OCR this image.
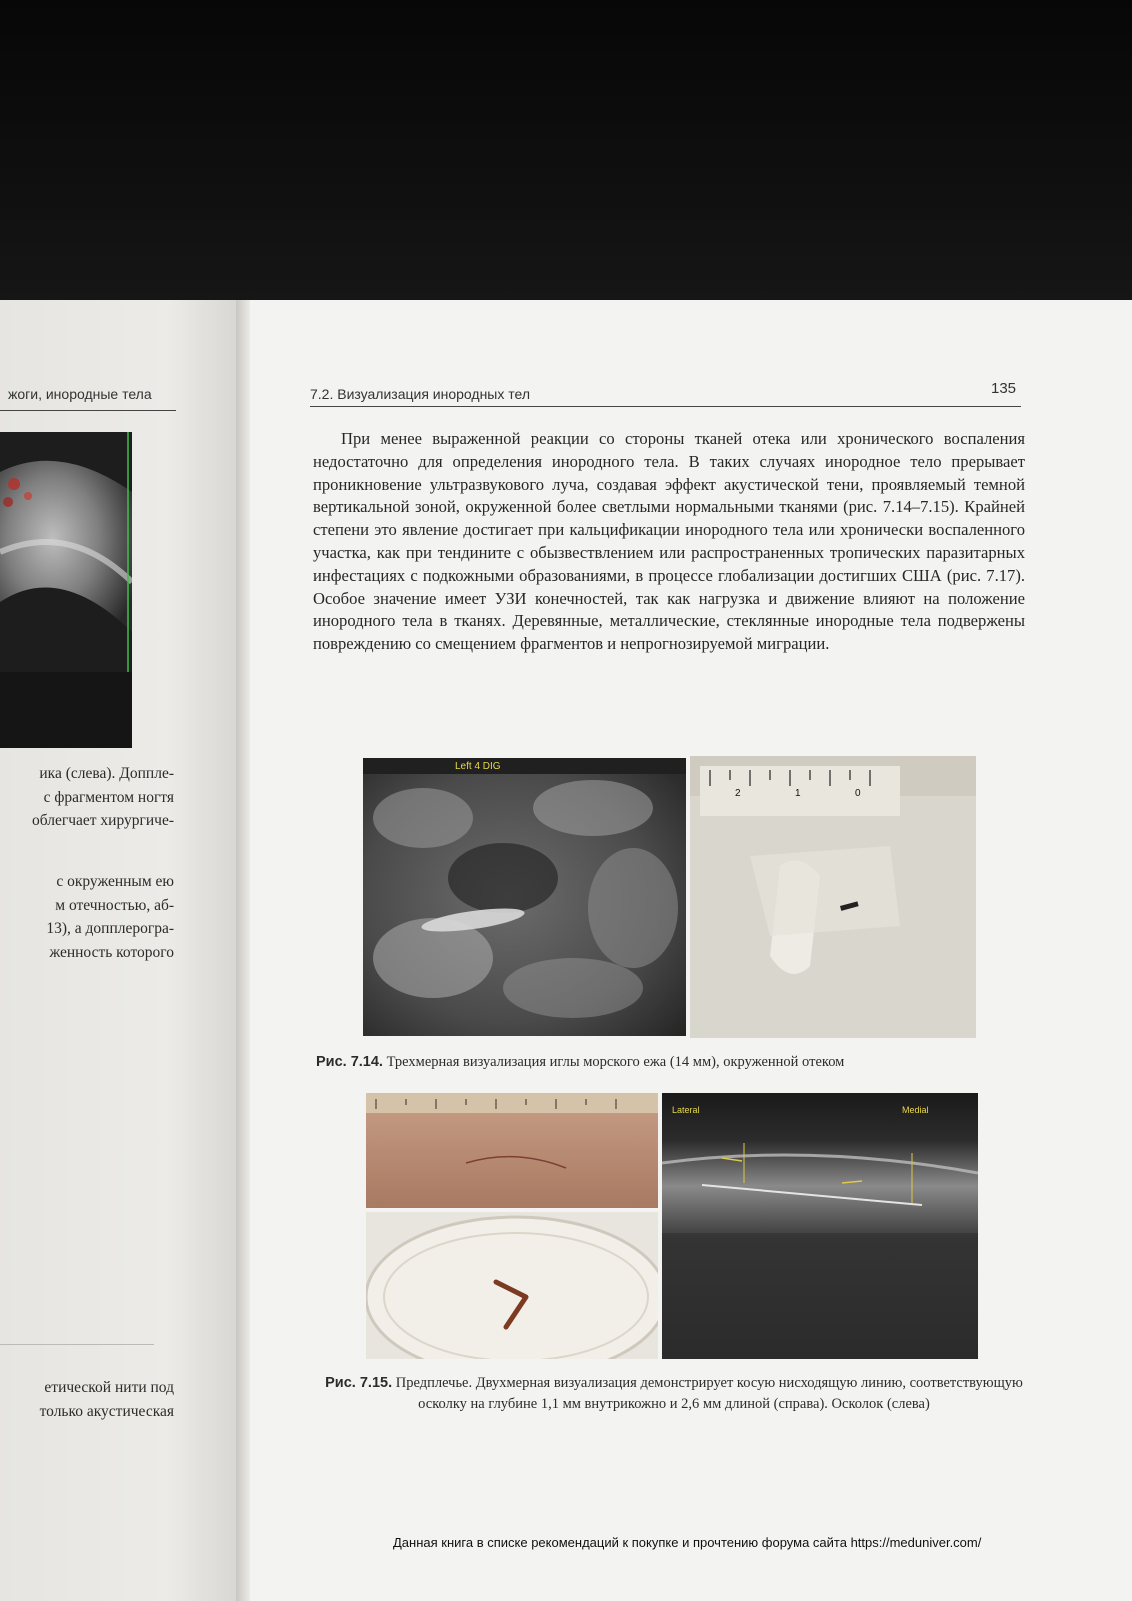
жоги, инородные тела
ика (слева). Доппле-
с фрагментом ногтя
облегчает хирургиче-
с окруженным ею
м отечностью, аб-
13), а допплерогра-
женность которого
етической нити под
только акустическая
7.2. Визуализация инородных тел	135

При менее выраженной реакции со стороны тканей отека или хронического воспаления недостаточно для определения инородного тела. В таких случаях инородное тело прерывает проникновение ультразвукового луча, создавая эффект акустической тени, проявляемый темной вертикальной зоной, окруженной более светлыми нормальными тканями (рис. 7.14–7.15). Крайней степени это явление достигает при кальцификации инородного тела или хронически воспаленного участка, как при тендините с обызвествлением или распространенных тропических паразитарных инфестациях с подкожными образованиями, в процессе глобализации достигших США (рис. 7.17). Особое значение имеет УЗИ конечностей, так как нагрузка и движение влияют на положение инородного тела в тканях. Деревянные, металлические, стеклянные инородные тела подвержены повреждению со смещением фрагментов и непрогнозируемой миграции.

Left 4 DIG
2	1	0
Рис. 7.14. Трехмерная визуализация иглы морского ежа (14 мм), окруженной отеком
Lateral	Medial
Рис. 7.15. Предплечье. Двухмерная визуализация демонстрирует косую нисходящую линию, соответствующую осколку на глубине 1,1 мм внутрикожно и 2,6 мм длиной (справа). Осколок (слева)
Данная книга в списке рекомендаций к покупке и прочтению форума сайта https://meduniver.com/
